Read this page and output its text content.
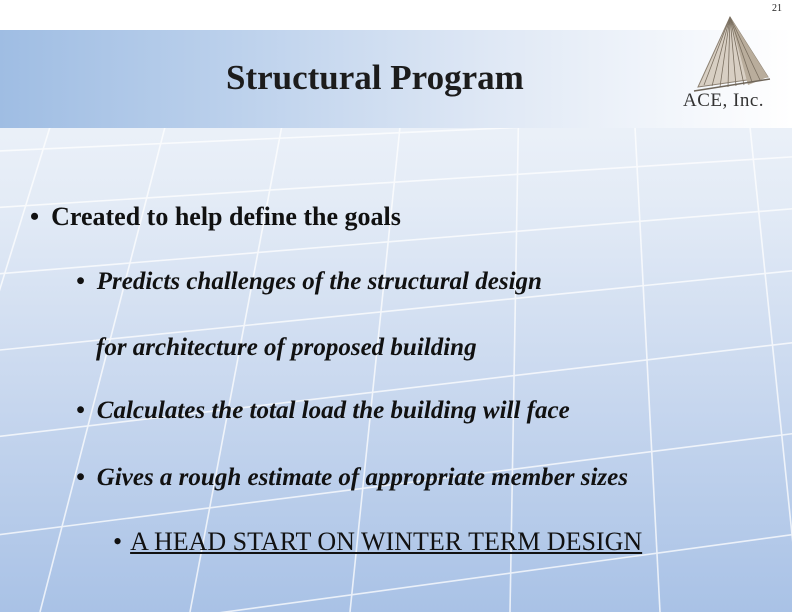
21
Structural Program
ACE, Inc.
• Created to help define the goals
• Predicts challenges of the structural design
for architecture of proposed building
• Calculates the total load the building will face
• Gives a rough estimate of appropriate member sizes
• A HEAD START ON WINTER TERM DESIGN
